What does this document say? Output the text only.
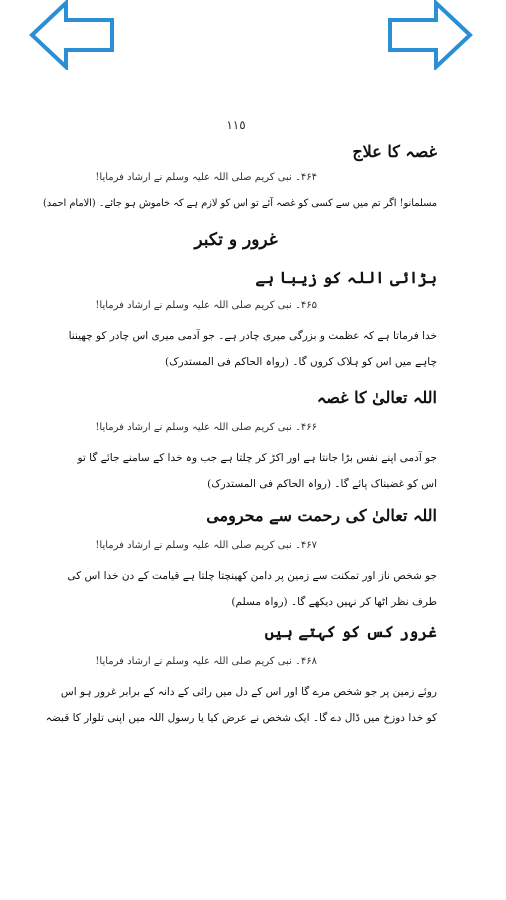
١١٥
غصہ کا علاج
۴۶۴۔ نبی کریم صلی اللہ علیہ وسلم نے ارشاد فرمایا!
مسلمانو! اگر تم میں سے کسی کو غصہ آئے تو اس کو لازم ہے کہ خاموش ہو جائے۔ (الامام احمد)
غرور و تکبر
بڑائی اللہ کو زیبا ہے
۴۶۵۔ نبی کریم صلی اللہ علیہ وسلم نے ارشاد فرمایا!
خدا فرماتا ہے کہ عظمت و بزرگی میری چادر ہے۔ جو آدمی میری اس چادر کو چھیننا
چاہے میں اس کو ہلاک کروں گا۔ (رواہ الحاکم فی المستدرک)
اللہ تعالیٰ کا غصہ
۴۶۶۔ نبی کریم صلی اللہ علیہ وسلم نے ارشاد فرمایا!
جو آدمی اپنے نفس بڑا جانتا ہے اور اکڑ کر چلتا ہے جب وہ خدا کے سامنے جائے گا تو
اس کو غضبناک پائے گا۔ (رواہ الحاکم فی المستدرک)
اللہ تعالیٰ کی رحمت سے محرومی
۴۶۷۔ نبی کریم صلی اللہ علیہ وسلم نے ارشاد فرمایا!
جو شخص ناز اور تمکنت سے زمین پر دامن کھینچتا چلتا ہے قیامت کے دن خدا اس کی
طرف نظر اٹھا کر نہیں دیکھے گا۔ (رواہ مسلم)
غرور کس کو کہتے ہیں
۴۶۸۔ نبی کریم صلی اللہ علیہ وسلم نے ارشاد فرمایا!
روئے زمین پر جو شخص مرے گا اور اس کے دل میں رائی کے دانہ کے برابر غرور ہو اس
کو خدا دوزخ میں ڈال دے گا۔ ایک شخص نے عرض کیا یا رسول اللہ میں اپنی تلوار کا قبضہ
